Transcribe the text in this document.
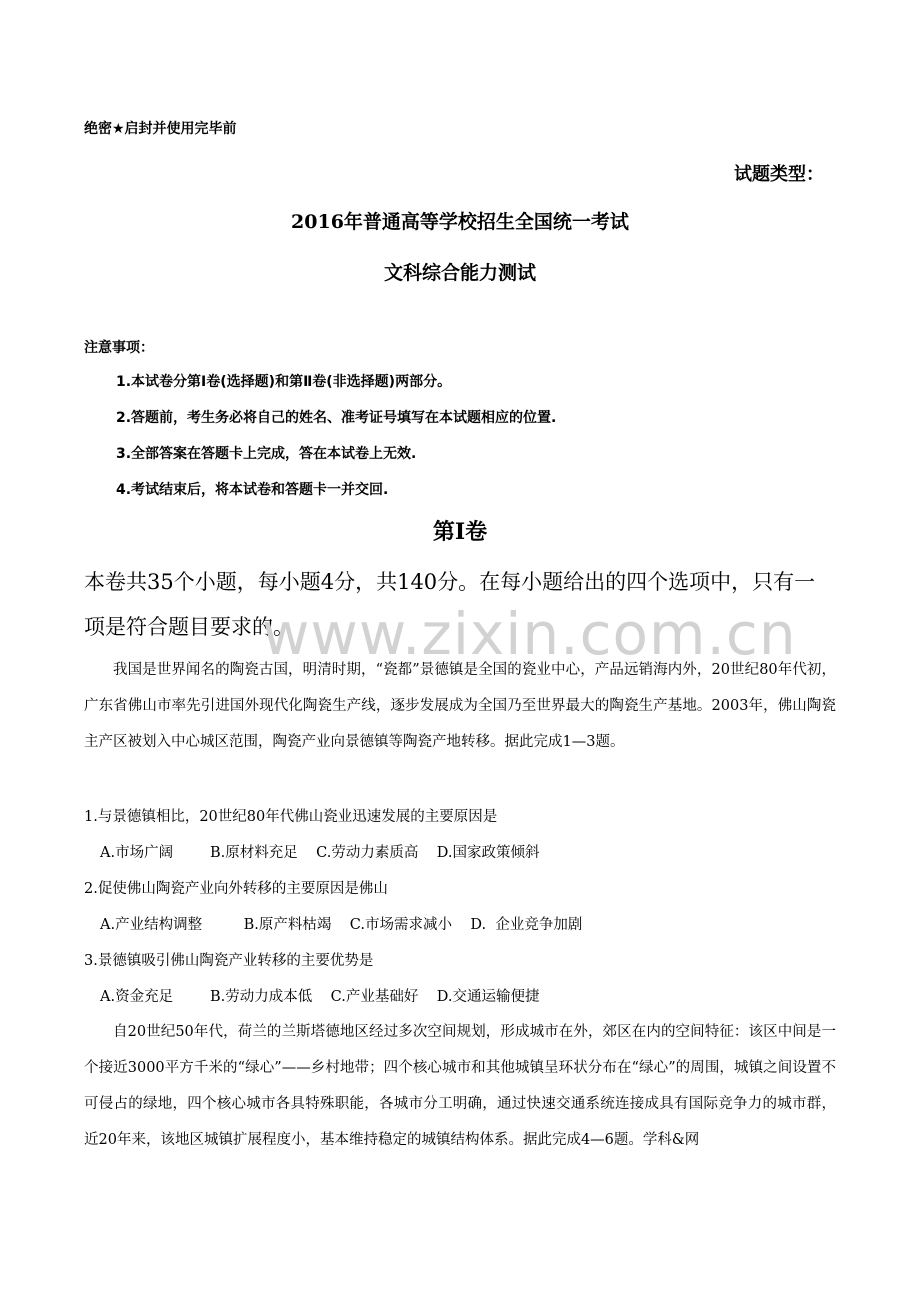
绝密★启封并使用完毕前
试题类型：
2016年普通高等学校招生全国统一考试
文科综合能力测试
注意事项：
1.本试卷分第Ⅰ卷(选择题)和第Ⅱ卷(非选择题)两部分。
2.答题前，考生务必将自己的姓名、准考证号填写在本试题相应的位置.
3.全部答案在答题卡上完成，答在本试卷上无效.
4.考试结束后，将本试卷和答题卡一并交回.
第Ⅰ卷
本卷共35个小题，每小题4分，共140分。在每小题给出的四个选项中，只有一项是符合题目要求的。
www.zixin.com.cn
我国是世界闻名的陶瓷古国，明清时期，“瓷都”景德镇是全国的瓷业中心，产品远销海内外，20世纪80年代初，广东省佛山市率先引进国外现代化陶瓷生产线，逐步发展成为全国乃至世界最大的陶瓷生产基地。2003年，佛山陶瓷主产区被划入中心城区范围，陶瓷产业向景德镇等陶瓷产地转移。据此完成1—3题。
1.与景德镇相比，20世纪80年代佛山瓷业迅速发展的主要原因是
A.市场广阔	B.原材料充足 C.劳动力素质高 D.国家政策倾斜
2.促使佛山陶瓷产业向外转移的主要原因是佛山
A.产业结构调整	B.原产料枯竭 C.市场需求减小 D.  企业竞争加剧
3.景德镇吸引佛山陶瓷产业转移的主要优势是
A.资金充足	B.劳动力成本低 C.产业基础好 D.交通运输便捷
自20世纪50年代，荷兰的兰斯塔德地区经过多次空间规划，形成城市在外，郊区在内的空间特征：该区中间是一个接近3000平方千米的“绿心”——乡村地带；四个核心城市和其他城镇呈环状分布在“绿心”的周围，城镇之间设置不可侵占的绿地，四个核心城市各具特殊职能，各城市分工明确，通过快速交通系统连接成具有国际竞争力的城市群，近20年来，该地区城镇扩展程度小，基本维持稳定的城镇结构体系。据此完成4—6题。学科&网
